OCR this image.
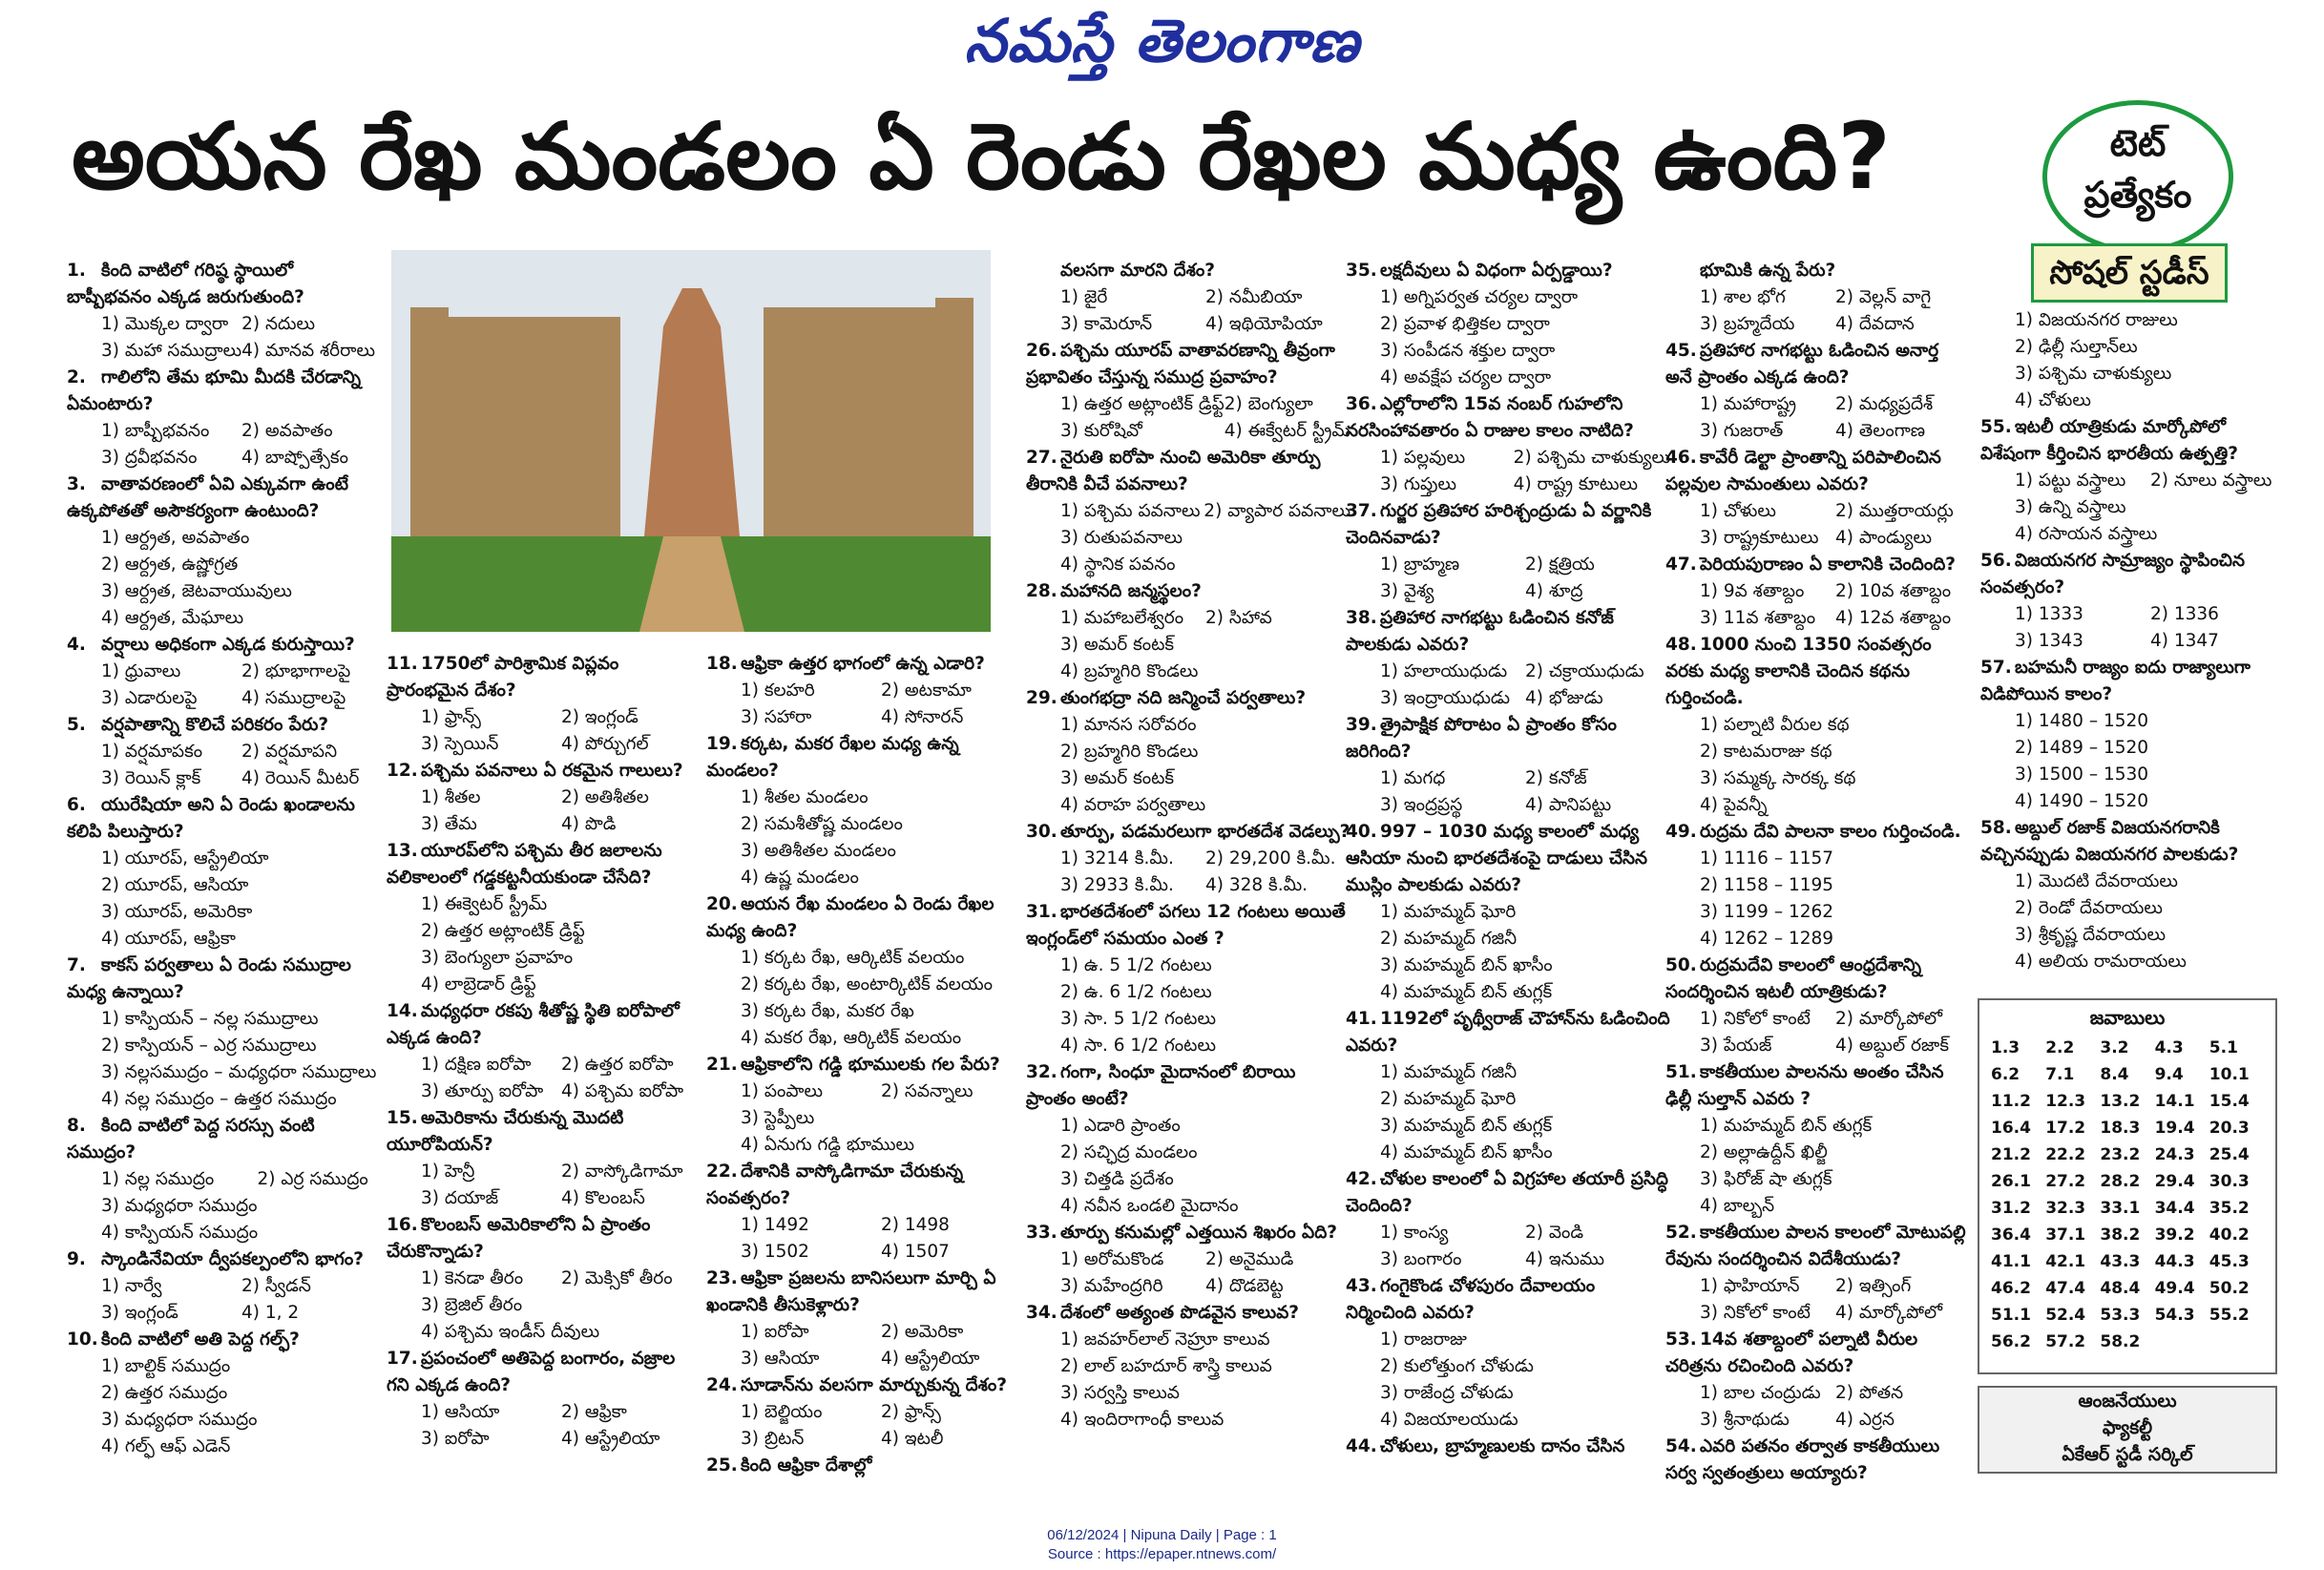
నమస్తే తెలంగాణ
అయన రేఖ మండలం ఏ రెండు రేఖల మధ్య ఉంది?	టెట్
ప్రత్యేకం
సోషల్ స్టడీస్
1. కింది వాటిలో గరిష్ఠ స్థాయిలో బాష్పీభవనం ఎక్కడ జరుగుతుంది?
1) మొక్కల ద్వారా 2) నదులు
3) మహా సముద్రాలు 4) మానవ శరీరాలు
2. గాలిలోని తేమ భూమి మీదకి చేరడాన్ని ఏమంటారు?
1) బాష్పీభవనం	2) అవపాతం
3) ద్రవీభవనం	4) బాష్పోత్సేకం
3. వాతావరణంలో ఏవి ఎక్కువగా ఉంటే ఉక్కపోతతో అసౌకర్యంగా ఉంటుంది?
1) ఆర్ద్రత, అవపాతం
2) ఆర్ద్రత, ఉష్ణోగ్రత
3) ఆర్ద్రత, జెటవాయువులు
4) ఆర్ద్రత, మేఘాలు
4. వర్షాలు అధికంగా ఎక్కడ కురుస్తాయి?
1) ధ్రువాలు	2) భూభాగాలపై
3) ఎడారులపై	4) సముద్రాలపై
5. వర్షపాతాన్ని కొలిచే పరికరం పేరు?
1) వర్షమాపకం	2) వర్షమాపని
3) రెయిన్ క్లాక్	4) రెయిన్ మీటర్
6. యురేషియా అని ఏ రెండు ఖండాలను కలిపి పిలుస్తారు?
1) యూరప్, ఆస్ట్రేలియా
2) యూరప్, ఆసియా
3) యూరప్, అమెరికా
4) యూరప్, ఆఫ్రికా
7. కాకస్ పర్వతాలు ఏ రెండు సముద్రాల మధ్య ఉన్నాయి?
1) కాస్పియన్ – నల్ల సముద్రాలు
2) కాస్పియన్ – ఎర్ర సముద్రాలు
3) నల్లసముద్రం – మధ్యధరా సముద్రాలు
4) నల్ల సముద్రం – ఉత్తర సముద్రం
8. కింది వాటిలో పెద్ద సరస్సు వంటి సముద్రం?
1) నల్ల సముద్రం	2) ఎర్ర సముద్రం
3) మధ్యధరా సముద్రం
4) కాస్పియన్ సముద్రం
9. స్కాండినేవియా ద్వీపకల్పంలోని భాగం?
1) నార్వే	2) స్వీడన్
3) ఇంగ్లండ్	4) 1, 2
10. కింది వాటిలో అతి పెద్ద గల్ఫ్?
1) బాల్టిక్ సముద్రం
2) ఉత్తర సముద్రం
3) మధ్యధరా సముద్రం
4) గల్ఫ్ ఆఫ్ ఎడెన్
11. 1750లో పారిశ్రామిక విప్లవం ప్రారంభమైన దేశం?
1) ఫ్రాన్స్	2) ఇంగ్లండ్
3) స్పెయిన్	4) పోర్చుగల్
12. పశ్చిమ పవనాలు ఏ రకమైన గాలులు?
1) శీతల	2) అతిశీతల
3) తేమ	4) పొడి
13. యూరప్‌లోని పశ్చిమ తీర జలాలను వలికాలంలో గడ్డకట్టనీయకుండా చేసేది?
1) ఈక్వెటర్ స్ట్రీమ్
2) ఉత్తర అట్లాంటిక్ డ్రిఫ్ట్
3) బెంగ్యులా ప్రవాహం
4) లాబ్రెడార్ డ్రిఫ్ట్
14. మధ్యధరా రకపు శీతోష్ణ స్థితి ఐరోపాలో ఎక్కడ ఉంది?
1) దక్షిణ ఐరోపా	2) ఉత్తర ఐరోపా
3) తూర్పు ఐరోపా	4) పశ్చిమ ఐరోపా
15. అమెరికాను చేరుకున్న మొదటి యూరోపియన్?
1) హెన్రీ	2) వాస్కోడిగామా
3) దయాజ్	4) కొలంబస్
16. కొలంబస్ అమెరికాలోని ఏ ప్రాంతం చేరుకొన్నాడు?
1) కెనడా తీరం	2) మెక్సికో తీరం
3) బ్రెజిల్ తీరం
4) పశ్చిమ ఇండీస్ దీవులు
17. ప్రపంచంలో అతిపెద్ద బంగారం, వజ్రాల గని ఎక్కడ ఉంది?
1) ఆసియా	2) ఆఫ్రికా
3) ఐరోపా	4) ఆస్ట్రేలియా
18. ఆఫ్రికా ఉత్తర భాగంలో ఉన్న ఎడారి?
1) కలహరి	2) అటకామా
3) సహారా	4) సోనారన్
19. కర్కట, మకర రేఖల మధ్య ఉన్న మండలం?
1) శీతల మండలం
2) సమశీతోష్ణ మండలం
3) అతిశీతల మండలం
4) ఉష్ణ మండలం
20. అయన రేఖ మండలం ఏ రెండు రేఖల మధ్య ఉంది?
1) కర్కట రేఖ, ఆర్కిటిక్ వలయం
2) కర్కట రేఖ, అంటార్కిటిక్ వలయం
3) కర్కట రేఖ, మకర రేఖ
4) మకర రేఖ, ఆర్కిటిక్ వలయం
21. ఆఫ్రికాలోని గడ్డి భూములకు గల పేరు?
1) పంపాలు	2) సవన్నాలు
3) స్టెప్పీలు
4) ఏనుగు గడ్డి భూములు
22. దేశానికి వాస్కోడిగామా చేరుకున్న సంవత్సరం?
1) 1492	2) 1498
3) 1502	4) 1507
23. ఆఫ్రికా ప్రజలను బానిసలుగా మార్చి ఏ ఖండానికి తీసుకెళ్లారు?
1) ఐరోపా	2) అమెరికా
3) ఆసియా	4) ఆస్ట్రేలియా
24. సూడాన్‌ను వలసగా మార్చుకున్న దేశం?
1) బెల్జియం	2) ఫ్రాన్స్
3) బ్రిటన్	4) ఇటలీ
25. కింది ఆఫ్రికా దేశాల్లో
వలసగా మారని దేశం?
1) జైరే	2) నమీబియా
3) కామెరూన్	4) ఇథియోపియా
26. పశ్చిమ యూరప్ వాతావరణాన్ని తీవ్రంగా ప్రభావితం చేస్తున్న సముద్ర ప్రవాహం?
1) ఉత్తర అట్లాంటిక్ డ్రిఫ్ట్ 2) బెంగ్యులా
3) కురోషివో	4) ఈక్వేటర్ స్ట్రీమ్
27. నైరుతి ఐరోపా నుంచి అమెరికా తూర్పు తీరానికి వీచే పవనాలు?
1) పశ్చిమ పవనాలు 2) వ్యాపార పవనాలు
3) రుతుపవనాలు
4) స్థానిక పవనం
28. మహానది జన్మస్థలం?
1) మహాబలేశ్వరం	2) సిహావ
3) అమర్ కంటక్
4) బ్రహ్మగిరి కొండలు
29. తుంగభద్రా నది జన్మించే పర్వతాలు?
1) మానస సరోవరం
2) బ్రహ్మగిరి కొండలు
3) అమర్ కంటక్
4) వరాహ పర్వతాలు
30. తూర్పు, పడమరలుగా భారతదేశ వెడల్పు?
1) 3214 కి.మీ.	2) 29,200 కి.మీ.
3) 2933 కి.మీ.	4) 328 కి.మీ.
31. భారతదేశంలో పగలు 12 గంటలు అయితే ఇంగ్లండ్‌లో సమయం ఎంత ?
1) ఉ. 5 1/2 గంటలు
2) ఉ. 6 1/2 గంటలు
3) సా. 5 1/2 గంటలు
4) సా. 6 1/2 గంటలు
32. గంగా, సింధూ మైదానంలో బిరాయి ప్రాంతం అంటే?
1) ఎడారి ప్రాంతం
2) సచ్ఛిద్ర మండలం
3) చిత్తడి ప్రదేశం
4) నవీన ఒండలి మైదానం
33. తూర్పు కనుమల్లో ఎత్తయిన శిఖరం ఏది?
1) అరోమకొండ	2) అనైముడి
3) మహేంద్రగిరి	4) దొడబెట్ట
34. దేశంలో అత్యంత పొడవైన కాలువ?
1) జవహర్‌లాల్ నెహ్రూ కాలువ
2) లాల్ బహదూర్ శాస్త్రి కాలువ
3) సర్వస్తి కాలువ
4) ఇందిరాగాంధీ కాలువ
35. లక్షదీవులు ఏ విధంగా ఏర్పడ్డాయి?
1) అగ్నిపర్వత చర్యల ద్వారా
2) ప్రవాళ భిత్తికల ద్వారా
3) సంపీడన శక్తుల ద్వారా
4) అవక్షేప చర్యల ద్వారా
36. ఎల్లోరాలోని 15వ నంబర్ గుహలోని నరసింహావతారం ఏ రాజుల కాలం నాటిది?
1) పల్లవులు	2) పశ్చిమ చాళుక్యులు
3) గుప్తులు	4) రాష్ట్ర కూటులు
37. గుర్జర ప్రతిహార హరిశ్చంద్రుడు ఏ వర్ణానికి చెందినవాడు?
1) బ్రాహ్మణ	2) క్షత్రియ
3) వైశ్య	4) శూద్ర
38. ప్రతిహార నాగభట్టు ఓడించిన కనోజ్ పాలకుడు ఎవరు?
1) హలాయుధుడు	2) చక్రాయుధుడు
3) ఇంద్రాయుధుడు 4) భోజుడు
39. త్రైపాక్షిక పోరాటం ఏ ప్రాంతం కోసం జరిగింది?
1) మగధ	2) కనోజ్
3) ఇంద్రప్రస్థ	4) పానిపట్టు
40. 997 – 1030 మధ్య కాలంలో మధ్య ఆసియా నుంచి భారతదేశంపై దాడులు చేసిన ముస్లిం పాలకుడు ఎవరు?
1) మహమ్మద్ ఘోరి
2) మహమ్మద్ గజినీ
3) మహమ్మద్ బిన్ ఖాసీం
4) మహమ్మద్ బిన్ తుగ్లక్
41. 1192లో పృథ్వీరాజ్ చౌహాన్‌ను ఓడించింది ఎవరు?
1) మహమ్మద్ గజినీ
2) మహమ్మద్ ఘోరి
3) మహమ్మద్ బిన్ తుగ్లక్
4) మహమ్మద్ బిన్ ఖాసీం
42. చోళుల కాలంలో ఏ విగ్రహాల తయారీ ప్రసిద్ధి చెందింది?
1) కాంస్య	2) వెండి
3) బంగారం	4) ఇనుము
43. గంగైకొండ చోళపురం దేవాలయం నిర్మించింది ఎవరు?
1) రాజరాజు
2) కులోత్తుంగ చోళుడు
3) రాజేంద్ర చోళుడు
4) విజయాలయుడు
44. చోళులు, బ్రాహ్మణులకు దానం చేసిన
భూమికి ఉన్న పేరు?
1) శాల భోగ	2) వెల్లన్ వాగై
3) బ్రహ్మదేయ	4) దేవదాన
45. ప్రతిహార నాగభట్టు ఓడించిన అనార్త అనే ప్రాంతం ఎక్కడ ఉంది?
1) మహారాష్ట్ర	2) మధ్యప్రదేశ్
3) గుజరాత్	4) తెలంగాణ
46. కావేరీ డెల్టా ప్రాంతాన్ని పరిపాలించిన పల్లవుల సామంతులు ఎవరు?
1) చోళులు	2) ముత్తరాయర్లు
3) రాష్ట్రకూటులు 4) పాండ్యులు
47. పెరియపురాణం ఏ కాలానికి చెందింది?
1) 9వ శతాబ్దం	2) 10వ శతాబ్దం
3) 11వ శతాబ్దం	4) 12వ శతాబ్దం
48. 1000 నుంచి 1350 సంవత్సరం వరకు మధ్య కాలానికి చెందిన కథను గుర్తించండి.
1) పల్నాటి వీరుల కథ
2) కాటమరాజు కథ
3) సమ్మక్క సారక్క కథ
4) పైవన్నీ
49. రుద్రమ దేవి పాలనా కాలం గుర్తించండి.
1) 1116 – 1157
2) 1158 – 1195
3) 1199 – 1262
4) 1262 – 1289
50. రుద్రమదేవి కాలంలో ఆంధ్రదేశాన్ని సందర్శించిన ఇటలీ యాత్రికుడు?
1) నికోలో కాంటే	2) మార్కోపోలో
3) పేయజ్	4) అబ్దుల్ రజాక్
51. కాకతీయుల పాలనను అంతం చేసిన ఢిల్లీ సుల్తాన్ ఎవరు ?
1) మహమ్మద్ బిన్ తుగ్లక్
2) అల్లాఉద్దీన్ ఖిల్జీ
3) ఫిరోజ్ షా తుగ్లక్
4) బాల్బన్
52. కాకతీయుల పాలన కాలంలో మోటుపల్లి రేవును సందర్శించిన విదేశీయుడు?
1) ఫాహియాన్	2) ఇత్సింగ్
3) నికోలో కాంటే	4) మార్కోపోలో
53. 14వ శతాబ్దంలో పల్నాటి వీరుల చరిత్రను రచించింది ఎవరు?
1) బాల చంద్రుడు 2) పోతన
3) శ్రీనాథుడు	4) ఎర్రన
54. ఎవరి పతనం తర్వాత కాకతీయులు సర్వ స్వతంత్రులు అయ్యారు?
1) విజయనగర రాజులు
2) ఢిల్లీ సుల్తాన్‌లు
3) పశ్చిమ చాళుక్యులు
4) చోళులు
55. ఇటలీ యాత్రికుడు మార్కోపోలో విశేషంగా కీర్తించిన భారతీయ ఉత్పత్తి?
1) పట్టు వస్త్రాలు	2) నూలు వస్త్రాలు
3) ఉన్ని వస్త్రాలు
4) రసాయన వస్త్రాలు
56. విజయనగర సామ్రాజ్యం స్థాపించిన సంవత్సరం?
1) 1333	2) 1336
3) 1343	4) 1347
57. బహమనీ రాజ్యం ఐదు రాజ్యాలుగా విడిపోయిన కాలం?
1) 1480 – 1520
2) 1489 – 1520
3) 1500 – 1530
4) 1490 – 1520
58. అబ్దుల్ రజాక్ విజయనగరానికి వచ్చినప్పుడు విజయనగర పాలకుడు?
1) మొదటి దేవరాయలు
2) రెండో దేవరాయలు
3) శ్రీకృష్ణ దేవరాయలు
4) అలియ రామరాయలు
జవాబులు
1.3	2.2	3.2	4.3	5.1
6.2	7.1	8.4	9.4	10.1
11.2 12.3 13.2 14.1 15.4
16.4 17.2 18.3 19.4 20.3
21.2 22.2 23.2 24.3 25.4
26.1 27.2 28.2 29.4 30.3
31.2 32.3 33.1 34.4 35.2
36.4 37.1 38.2 39.2 40.2
41.1 42.1 43.3 44.3 45.3
46.2 47.4 48.4 49.4 50.2
51.1 52.4 53.3 54.3 55.2
56.2 57.2 58.2
ఆంజనేయులు
ఫ్యాకల్టీ
ఏకేఆర్ స్టడీ సర్కిల్
06/12/2024 | Nipuna Daily | Page : 1
Source : https://epaper.ntnews.com/
